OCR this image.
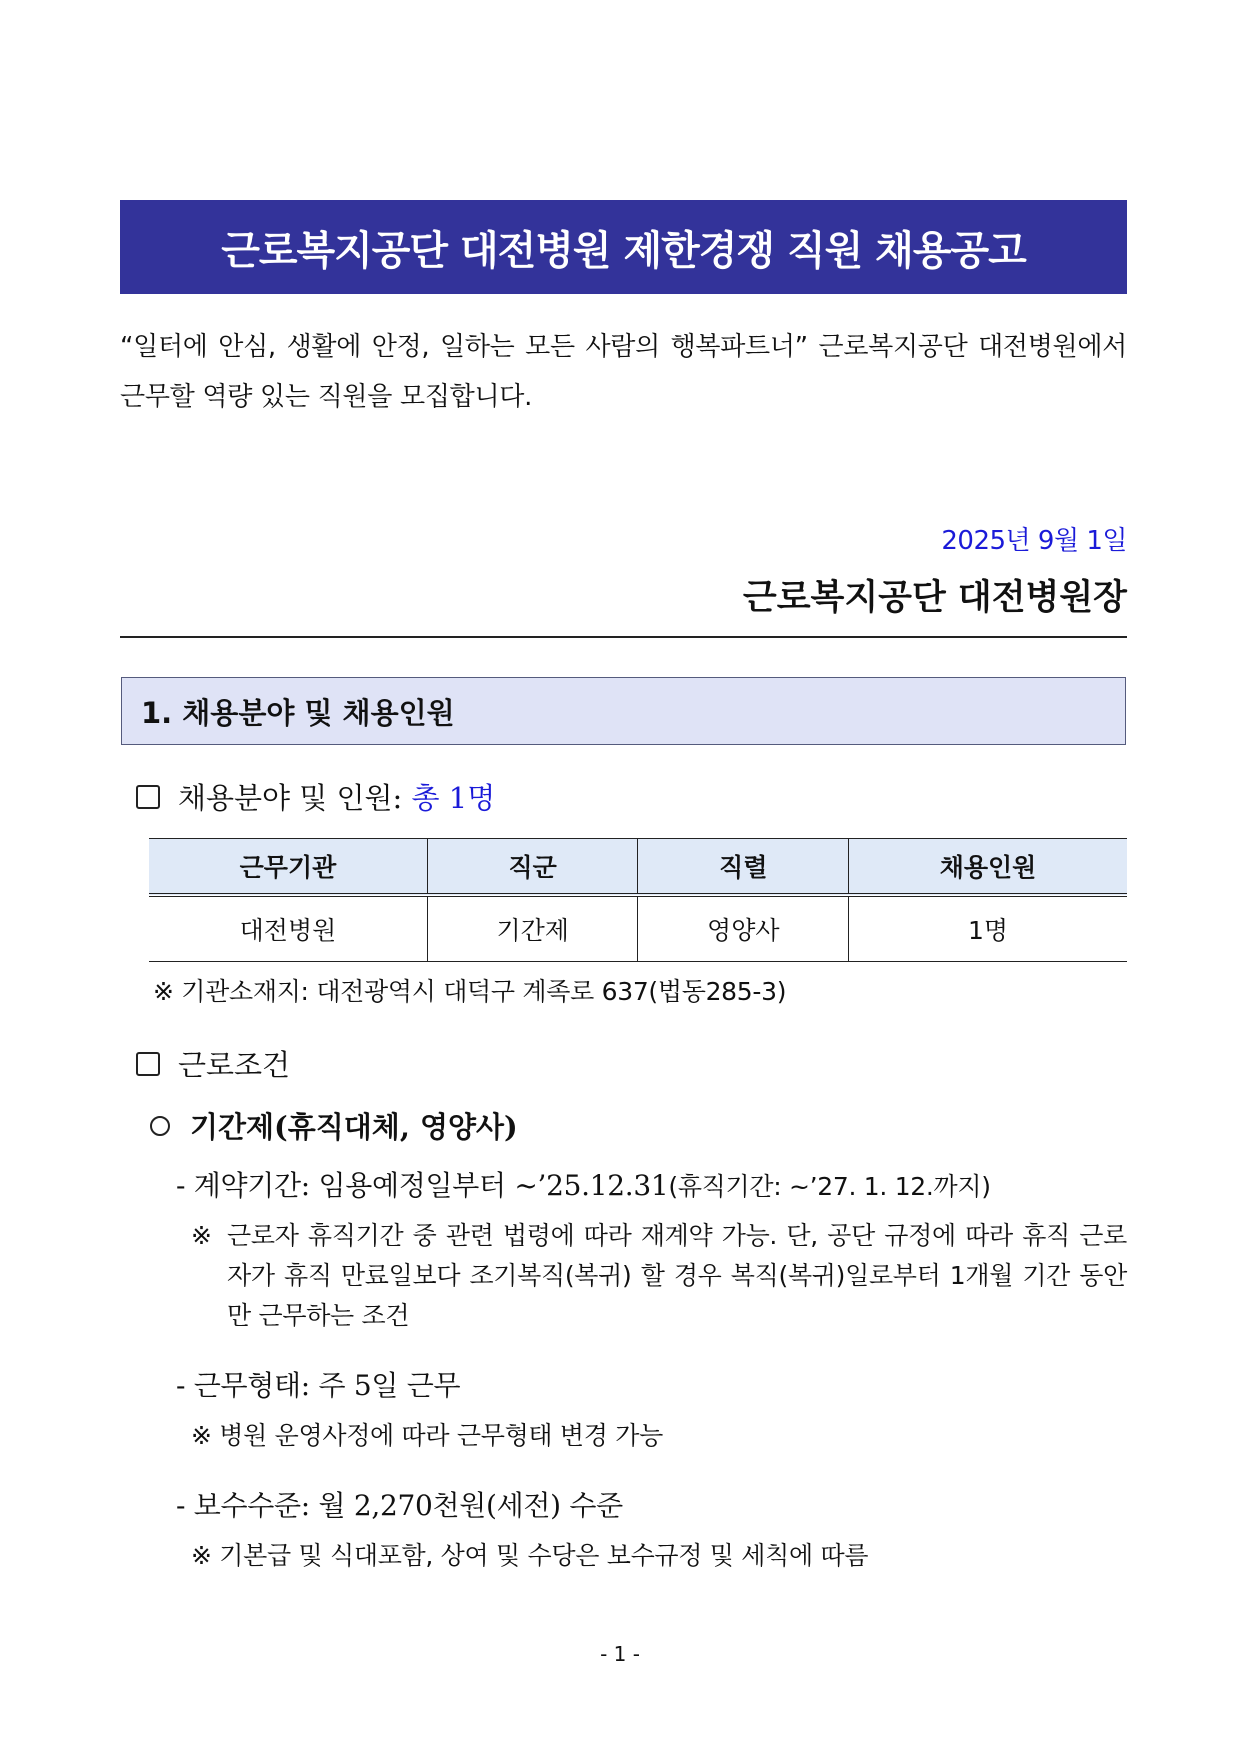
근로복지공단 대전병원 제한경쟁 직원 채용공고
“일터에 안심, 생활에 안정, 일하는 모든 사람의 행복파트너” 근로복지공단 대전병원에서 근무할 역량 있는 직원을 모집합니다.
2025년 9월 1일
근로복지공단 대전병원장
1. 채용분야 및 채용인원
채용분야 및 인원: 총 1명
근무기관	직군	직렬	채용인원
대전병원	기간제	영양사	1명
※ 기관소재지: 대전광역시 대덕구 계족로 637(법동285-3)
근로조건
기간제(휴직대체, 영양사)
- 계약기간: 임용예정일부터 ~’25.12.31(휴직기간: ~’27. 1. 12.까지)
※ 근로자 휴직기간 중 관련 법령에 따라 재계약 가능. 단, 공단 규정에 따라 휴직 근로자가 휴직 만료일보다 조기복직(복귀) 할 경우 복직(복귀)일로부터 1개월 기간 동안만 근무하는 조건
- 근무형태: 주 5일 근무
※ 병원 운영사정에 따라 근무형태 변경 가능
- 보수수준: 월 2,270천원(세전) 수준
※ 기본급 및 식대포함, 상여 및 수당은 보수규정 및 세칙에 따름
- 1 -
